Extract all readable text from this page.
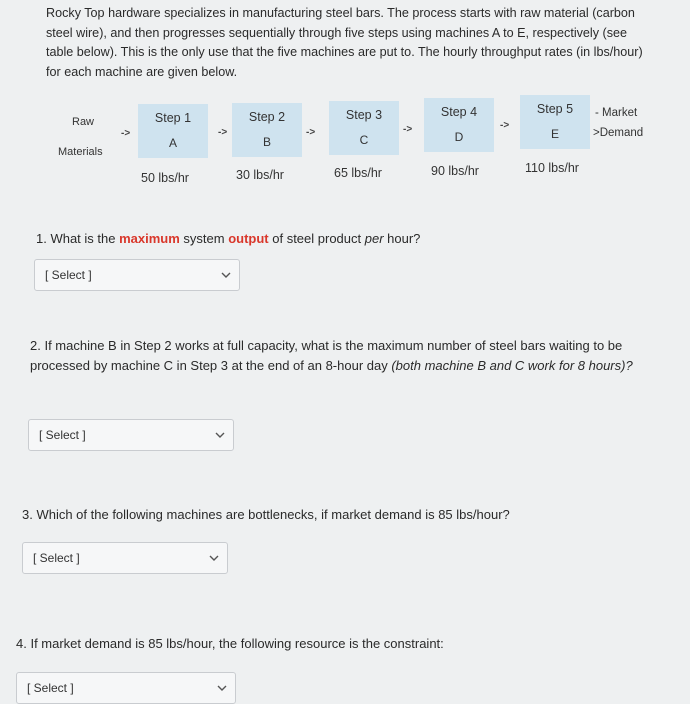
Rocky Top hardware specializes in manufacturing steel bars. The process starts with raw material (carbon steel wire), and then progresses sequentially through five steps using machines A to E, respectively (see table below). This is the only use that the five machines are put to. The hourly throughput rates (in lbs/hour) for each machine are given below.
Raw
Materials
->	->	->	->	->
Step 1
A
Step 2
B
Step 3
C
Step 4
D
Step 5
E
- Market
>Demand
50 lbs/hr	30 lbs/hr	65 lbs/hr	90 lbs/hr	110 lbs/hr
1. What is the maximum system output of steel product per hour?
[ Select ]
2. If machine B in Step 2 works at full capacity, what is the maximum number of steel bars waiting to be processed by machine C in Step 3 at the end of an 8-hour day (both machine B and C work for 8 hours)?
[ Select ]
3. Which of the following machines are bottlenecks, if market demand is 85 lbs/hour?
[ Select ]
4. If market demand is 85 lbs/hour, the following resource is the constraint:
[ Select ]
